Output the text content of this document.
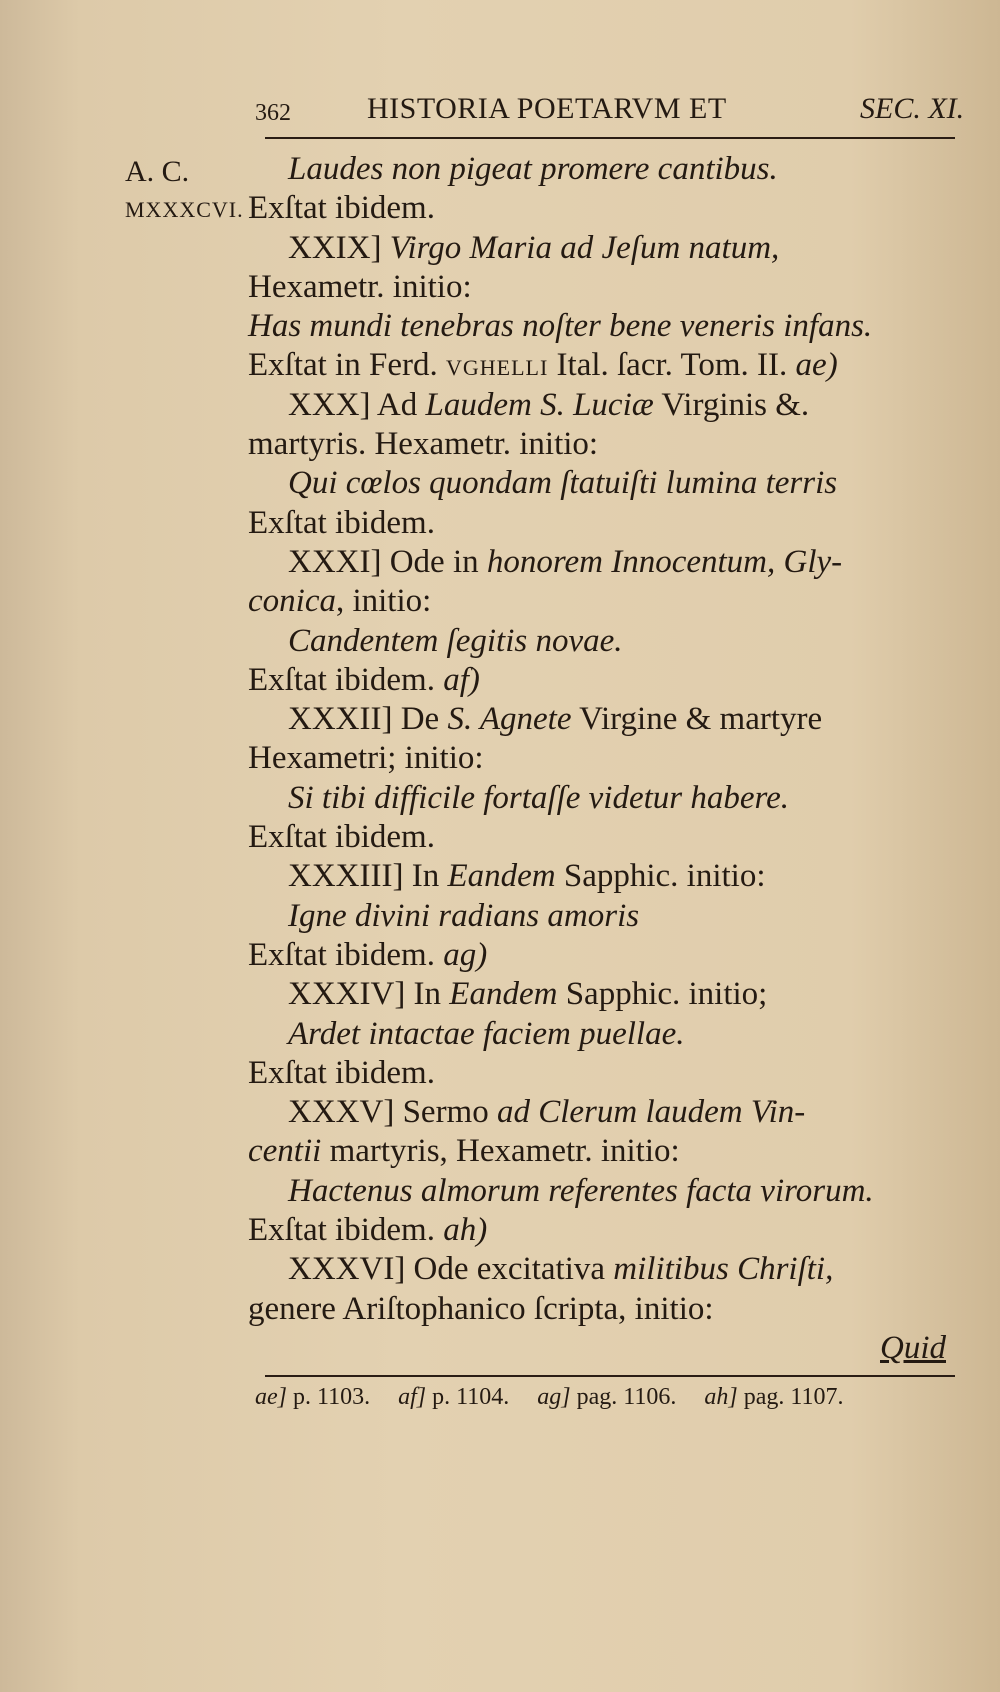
362	HISTORIA POETARVM ET	SEC. XI.
A. C.
MXXXCVI.
Laudes non pigeat promere cantibus.
Exſtat ibidem.
XXIX] Virgo Maria ad Jeſum natum,
Hexametr. initio:
Has mundi tenebras noſter bene veneris infans.
Exſtat in Ferd. VGHELLI Ital. ſacr. Tom. II. ae)
XXX] Ad Laudem S. Luciæ Virginis &.
martyris. Hexametr. initio:
Qui cœlos quondam ſtatuiſti lumina terris
Exſtat ibidem.
XXXI] Ode in honorem Innocentum, Gly-
conica, initio:
Candentem ſegitis novae.
Exſtat ibidem. af)
XXXII] De S. Agnete Virgine & martyre
Hexametri; initio:
Si tibi difficile fortaſſe videtur habere.
Exſtat ibidem.
XXXIII] In Eandem Sapphic. initio:
Igne divini radians amoris
Exſtat ibidem. ag)
XXXIV] In Eandem Sapphic. initio;
Ardet intactae faciem puellae.
Exſtat ibidem.
XXXV] Sermo ad Clerum laudem Vin-
centii martyris, Hexametr. initio:
Hactenus almorum referentes facta virorum.
Exſtat ibidem. ah)
XXXVI] Ode excitativa militibus Chriſti,
genere Ariſtophanico ſcripta, initio:
Quid
ae] p. 1103. af] p. 1104. ag] pag. 1106. ah] pag. 1107.
